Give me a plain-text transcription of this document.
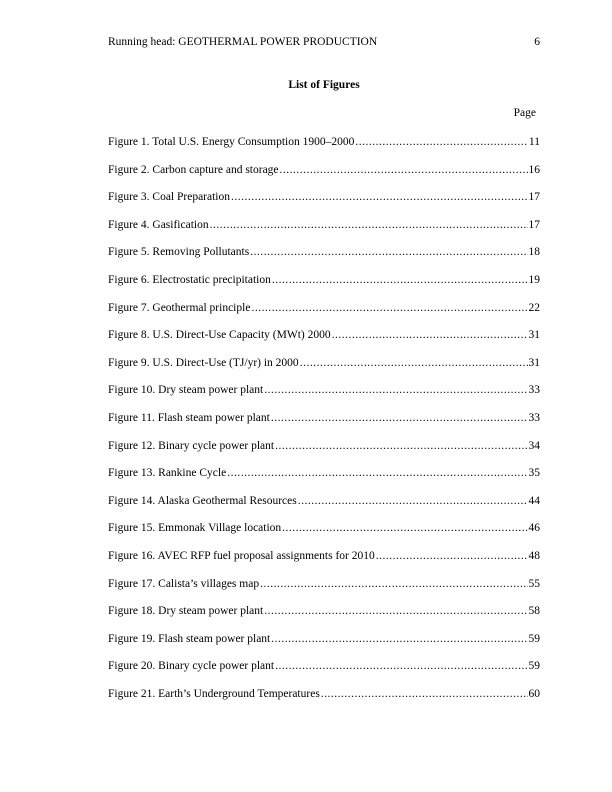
Running head: GEOTHERMAL POWER PRODUCTION	6
List of Figures
Page
Figure 1. Total U.S. Energy Consumption 1900–2000 .....	11
Figure 2. Carbon capture and storage .....	16
Figure 3. Coal Preparation .....	17
Figure 4. Gasification .....	17
Figure 5. Removing Pollutants .....	18
Figure 6. Electrostatic precipitation .....	19
Figure 7. Geothermal principle .....	22
Figure 8. U.S. Direct-Use Capacity (MWt) 2000 .....	31
Figure 9. U.S. Direct-Use (TJ/yr) in 2000 .....	31
Figure 10. Dry steam power plant .....	33
Figure 11. Flash steam power plant .....	33
Figure 12. Binary cycle power plant .....	34
Figure 13. Rankine Cycle .....	35
Figure 14. Alaska Geothermal Resources .....	44
Figure 15. Emmonak Village location .....	46
Figure 16. AVEC RFP fuel proposal assignments for 2010 .....	48
Figure 17. Calista’s villages map .....	55
Figure 18. Dry steam power plant .....	58
Figure 19. Flash steam power plant .....	59
Figure 20. Binary cycle power plant .....	59
Figure 21. Earth’s Underground Temperatures .....	60
